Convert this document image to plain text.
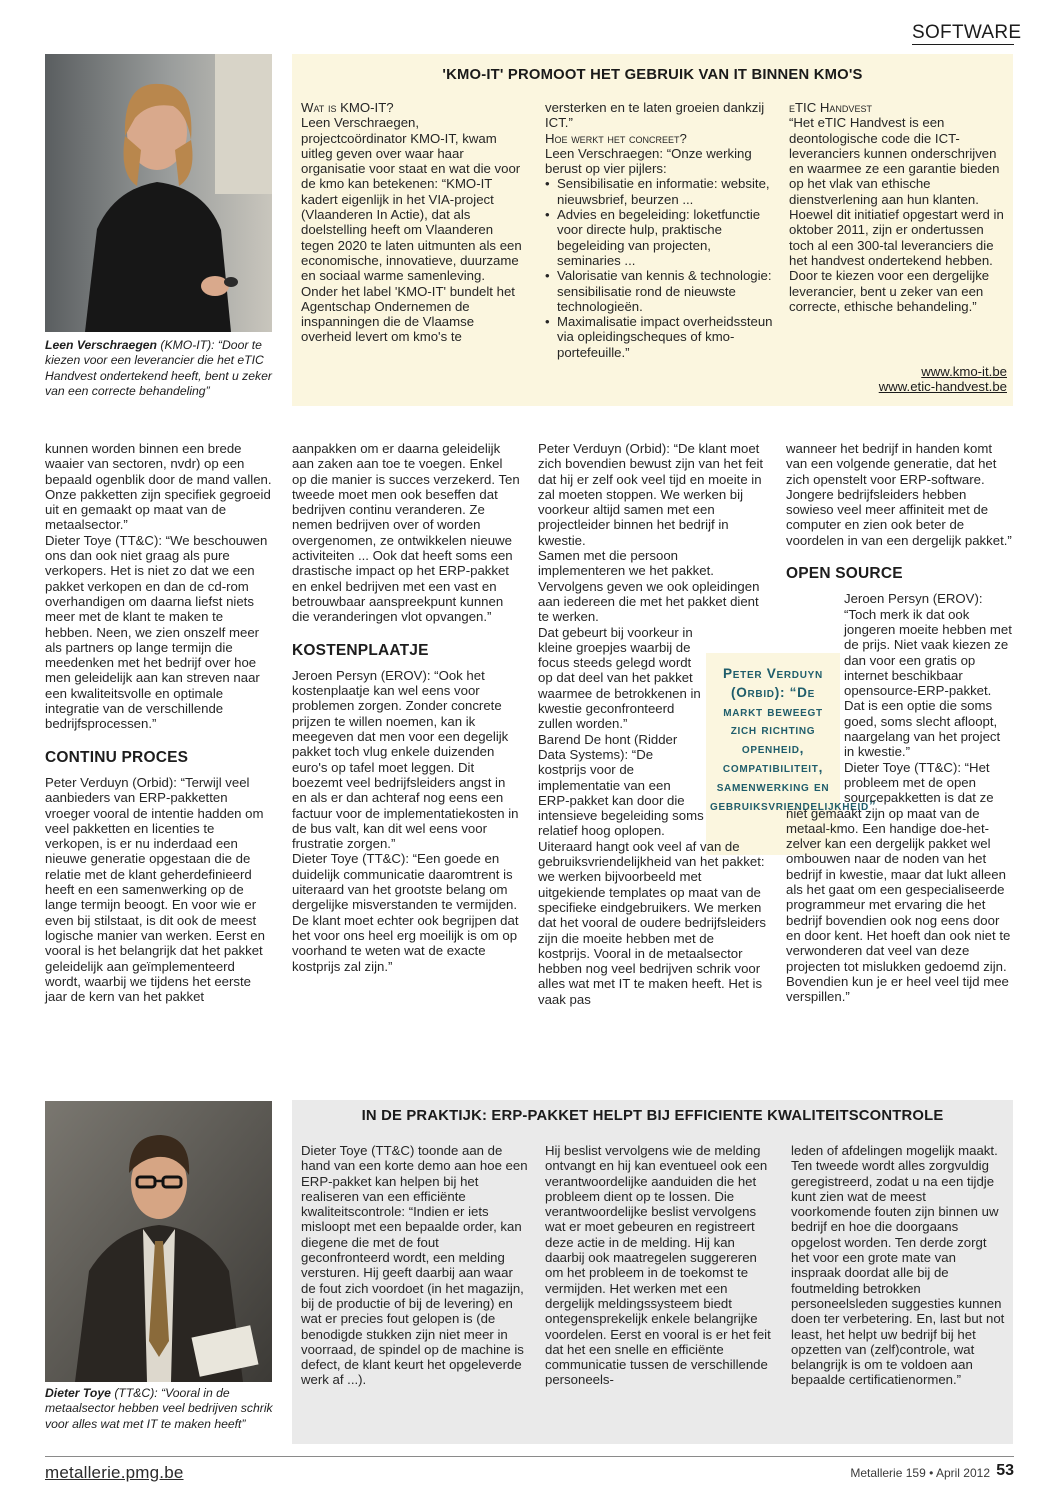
SOFTWARE
Leen Verschraegen (KMO-IT): “Door te kiezen voor een leverancier die het eTIC Handvest ondertekend heeft, bent u zeker van een correcte behandeling”
'KMO-IT' PROMOOT HET GEBRUIK VAN IT BINNEN KMO'S

Wat is KMO-IT?

Leen Verschraegen, projectcoördinator KMO-IT, kwam uitleg geven over waar haar organisatie voor staat en wat die voor de kmo kan betekenen: “KMO-IT kadert eigenlijk in het VIA-project (Vlaanderen In Actie), dat als doelstelling heeft om Vlaanderen tegen 2020 te laten uitmunten als een economische, innovatieve, duurzame en sociaal warme samenleving.

Onder het label 'KMO-IT' bundelt het Agentschap Ondernemen de inspanningen die de Vlaamse overheid levert om kmo's te

versterken en te laten groeien dankzij ICT.”

Hoe werkt het concreet?

Leen Verschraegen: “Onze werking berust op vier pijlers:

• Sensibilisatie en informatie: website, nieuwsbrief, beurzen ...
• Advies en begeleiding: loketfunctie voor directe hulp, praktische begeleiding van projecten, seminaries ...
• Valorisatie van kennis & technologie: sensibilisatie rond de nieuwste technologieën.
• Maximalisatie impact overheidssteun via opleidingscheques of kmo-portefeuille.”

eTIC Handvest

“Het eTIC Handvest is een deontologische code die ICT-leveranciers kunnen onderschrijven en waarmee ze een garantie bieden op het vlak van ethische dienstverlening aan hun klanten. Hoewel dit initiatief opgestart werd in oktober 2011, zijn er ondertussen toch al een 300-tal leveranciers die het handvest ondertekend hebben. Door te kiezen voor een dergelijke leverancier, bent u zeker van een correcte, ethische behandeling.”

www.kmo-it.be
www.etic-handvest.be

kunnen worden binnen een brede waaier van sectoren, nvdr) op een bepaald ogenblik door de mand vallen. Onze pakketten zijn specifiek gegroeid uit en gemaakt op maat van de metaalsector.”

Dieter Toye (TT&C): “We beschouwen ons dan ook niet graag als pure verkopers. Het is niet zo dat we een pakket verkopen en dan de cd-rom overhandigen om daarna liefst niets meer met de klant te maken te hebben. Neen, we zien onszelf meer als partners op lange termijn die meedenken met het bedrijf over hoe men geleidelijk aan kan streven naar een kwaliteitsvolle en optimale integratie van de verschillende bedrijfsprocessen.”

CONTINU PROCES

Peter Verduyn (Orbid): “Terwijl veel aanbieders van ERP-pakketten vroeger vooral de intentie hadden om veel pakketten en licenties te verkopen, is er nu inderdaad een nieuwe generatie opgestaan die de relatie met de klant geherdefinieerd heeft en een samenwerking op de lange termijn beoogt. En voor wie er even bij stilstaat, is dit ook de meest logische manier van werken. Eerst en vooral is het belangrijk dat het pakket geleidelijk aan geïmplementeerd wordt, waarbij we tijdens het eerste jaar de kern van het pakket

aanpakken om er daarna geleidelijk aan zaken aan toe te voegen. Enkel op die manier is succes verzekerd. Ten tweede moet men ook beseffen dat bedrijven continu veranderen. Ze nemen bedrijven over of worden overgenomen, ze ontwikkelen nieuwe activiteiten ... Ook dat heeft soms een drastische impact op het ERP-pakket en enkel bedrijven met een vast en betrouwbaar aanspreekpunt kunnen die veranderingen vlot opvangen.”

KOSTENPLAATJE

Jeroen Persyn (EROV): “Ook het kostenplaatje kan wel eens voor problemen zorgen. Zonder concrete prijzen te willen noemen, kan ik meegeven dat men voor een degelijk pakket toch vlug enkele duizenden euro's op tafel moet leggen. Dit boezemt veel bedrijfsleiders angst in en als er dan achteraf nog eens een factuur voor de implementatiekosten in de bus valt, kan dit wel eens voor frustratie zorgen.”

Dieter Toye (TT&C): “Een goede en duidelijk communicatie daaromtrent is uiteraard van het grootste belang om dergelijke misverstanden te vermijden. De klant moet echter ook begrijpen dat het voor ons heel erg moeilijk is om op voorhand te weten wat de exacte kostprijs zal zijn.”

Peter Verduyn (Orbid): “De markt beweegt zich richting openheid, compatibiliteit, samenwerking en gebruiksvriendelijkheid”

Peter Verduyn (Orbid): “De klant moet zich bovendien bewust zijn van het feit dat hij er zelf ook veel tijd en moeite in zal moeten stoppen. We werken bij voorkeur altijd samen met een projectleider binnen het bedrijf in kwestie.

Samen met die persoon implementeren we het pakket. Vervolgens geven we ook opleidingen aan iedereen die met het pakket dient te werken.

Dat gebeurt bij voorkeur in kleine groepjes waarbij de focus steeds gelegd wordt op dat deel van het pakket waarmee de betrokkenen in kwestie geconfronteerd zullen worden.”

Barend De hont (Ridder Data Systems): “De kostprijs voor de implementatie van een ERP-pakket kan door die intensieve begeleiding soms relatief hoog oplopen.

Uiteraard hangt ook veel af van de gebruiksvriendelijkheid van het pakket: we werken bijvoorbeeld met uitgekiende templates op maat van de specifieke eindgebruikers. We merken dat het vooral de oudere bedrijfsleiders zijn die moeite hebben met de kostprijs. Vooral in de metaalsector hebben nog veel bedrijven schrik voor alles wat met IT te maken heeft. Het is vaak pas

wanneer het bedrijf in handen komt van een volgende generatie, dat het zich openstelt voor ERP-software. Jongere bedrijfsleiders hebben sowieso veel meer affiniteit met de computer en zien ook beter de voordelen in van een dergelijk pakket.”

OPEN SOURCE

Jeroen Persyn (EROV): “Toch merk ik dat ook jongeren moeite hebben met de prijs. Niet vaak kiezen ze dan voor een gratis op internet beschikbaar opensource-ERP-pakket. Dat is een optie die soms goed, soms slecht afloopt, naargelang van het project in kwestie.”

Dieter Toye (TT&C): “Het probleem met de open sourcepakketten is dat ze niet gemaakt zijn op maat van de metaal-kmo. Een handige doe-het-zelver kan een dergelijk pakket wel ombouwen naar de noden van het bedrijf in kwestie, maar dat lukt alleen als het gaat om een gespecialiseerde programmeur met ervaring die het bedrijf bovendien ook nog eens door en door kent. Het hoeft dan ook niet te verwonderen dat veel van deze projecten tot mislukken gedoemd zijn. Bovendien kun je er heel veel tijd mee verspillen.”

Dieter Toye (TT&C): “Vooral in de metaalsector hebben veel bedrijven schrik voor alles wat met IT te maken heeft”
IN DE PRAKTIJK: ERP-PAKKET HELPT BIJ EFFICIENTE KWALITEITSCONTROLE

Dieter Toye (TT&C) toonde aan de hand van een korte demo aan hoe een ERP-pakket kan helpen bij het realiseren van een efficiënte kwaliteitscontrole: “Indien er iets misloopt met een bepaalde order, kan diegene die met de fout geconfronteerd wordt, een melding versturen. Hij geeft daarbij aan waar de fout zich voordoet (in het magazijn, bij de productie of bij de levering) en wat er precies fout gelopen is (de benodigde stukken zijn niet meer in voorraad, de spindel op de machine is defect, de klant keurt het opgeleverde werk af ...).

Hij beslist vervolgens wie de melding ontvangt en hij kan eventueel ook een verantwoordelijke aanduiden die het probleem dient op te lossen. Die verantwoordelijke beslist vervolgens wat er moet gebeuren en registreert deze actie in de melding. Hij kan daarbij ook maatregelen suggereren om het probleem in de toekomst te vermijden. Het werken met een dergelijk meldingssysteem biedt ontegensprekelijk enkele belangrijke voordelen. Eerst en vooral is er het feit dat het een snelle en efficiënte communicatie tussen de verschillende personeels-

leden of afdelingen mogelijk maakt.

Ten tweede wordt alles zorgvuldig geregistreerd, zodat u na een tijdje kunt zien wat de meest voorkomende fouten zijn binnen uw bedrijf en hoe die doorgaans opgelost worden. Ten derde zorgt het voor een grote mate van inspraak doordat alle bij de foutmelding betrokken personeelsleden suggesties kunnen doen ter verbetering. En, last but not least, het helpt uw bedrijf bij het opzetten van (zelf)controle, wat belangrijk is om te voldoen aan bepaalde certificatienormen.”

metallerie.pmg.be	Metallerie 159 • April 2012 53
